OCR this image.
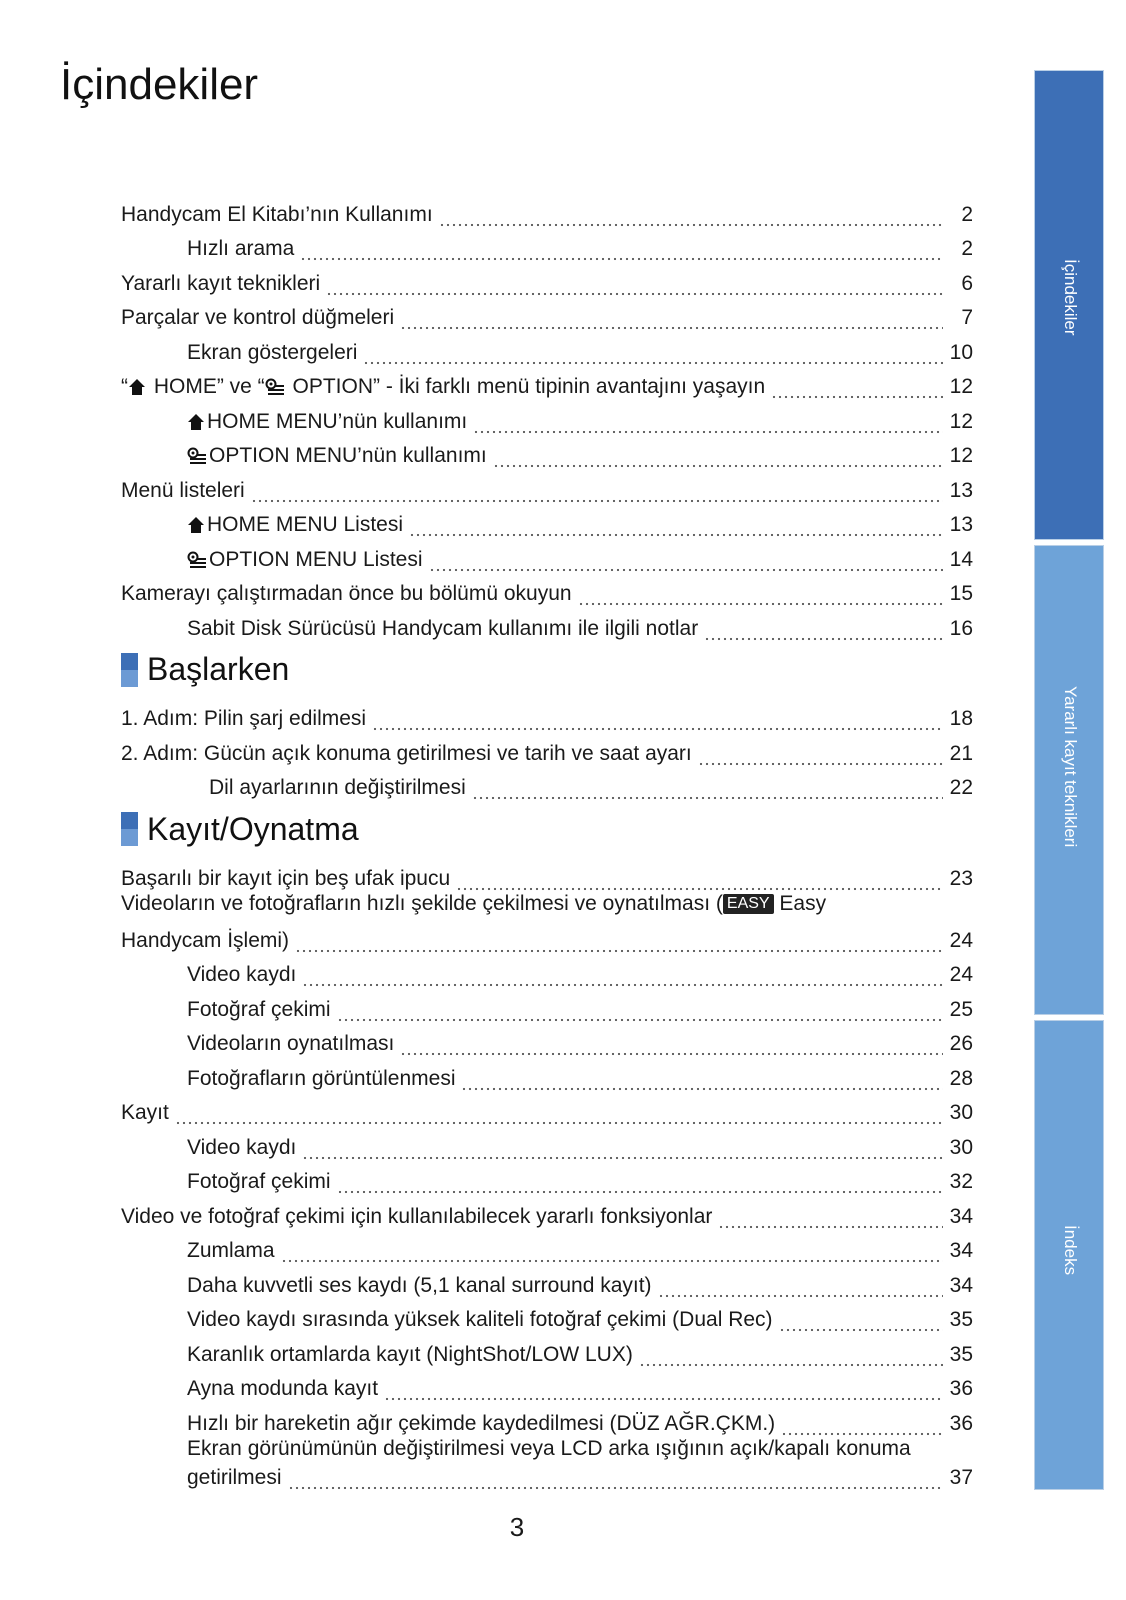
İçindekiler
Handycam El Kitabı’nın Kullanımı	2
Hızlı arama	2
Yararlı kayıt teknikleri	6
Parçalar ve kontrol düğmeleri	7
Ekran göstergeleri	10
“ HOME” ve “ OPTION” - İki farklı menü tipinin avantajını yaşayın	12
HOME MENU’nün kullanımı	12
OPTION MENU’nün kullanımı	12
Menü listeleri	13
HOME MENU Listesi	13
OPTION MENU Listesi	14
Kamerayı çalıştırmadan önce bu bölümü okuyun	15
Sabit Disk Sürücüsü Handycam kullanımı ile ilgili notlar	16
Başlarken
1. Adım: Pilin şarj edilmesi	18
2. Adım: Gücün açık konuma getirilmesi ve tarih ve saat ayarı	21
Dil ayarlarının değiştirilmesi	22
Kayıt/Oynatma
Başarılı bir kayıt için beş ufak ipucu	23
Videoların ve fotoğrafların hızlı şekilde çekilmesi ve oynatılması ( EASY Easy
Handycam İşlemi)	24
Video kaydı	24
Fotoğraf çekimi	25
Videoların oynatılması	26
Fotoğrafların görüntülenmesi	28
Kayıt	30
Video kaydı	30
Fotoğraf çekimi	32
Video ve fotoğraf çekimi için kullanılabilecek yararlı fonksiyonlar	34
Zumlama	34
Daha kuvvetli ses kaydı (5,1 kanal surround kayıt)	34
Video kaydı sırasında yüksek kaliteli fotoğraf çekimi (Dual Rec)	35
Karanlık ortamlarda kayıt (NightShot/LOW LUX)	35
Ayna modunda kayıt	36
Hızlı bir hareketin ağır çekimde kaydedilmesi (DÜZ AĞR.ÇKM.)	36
Ekran görünümünün değiştirilmesi veya LCD arka ışığının açık/kapalı konuma
getirilmesi	37
İçindekiler
Yararlı kayıt teknikleri
İndeks
3
